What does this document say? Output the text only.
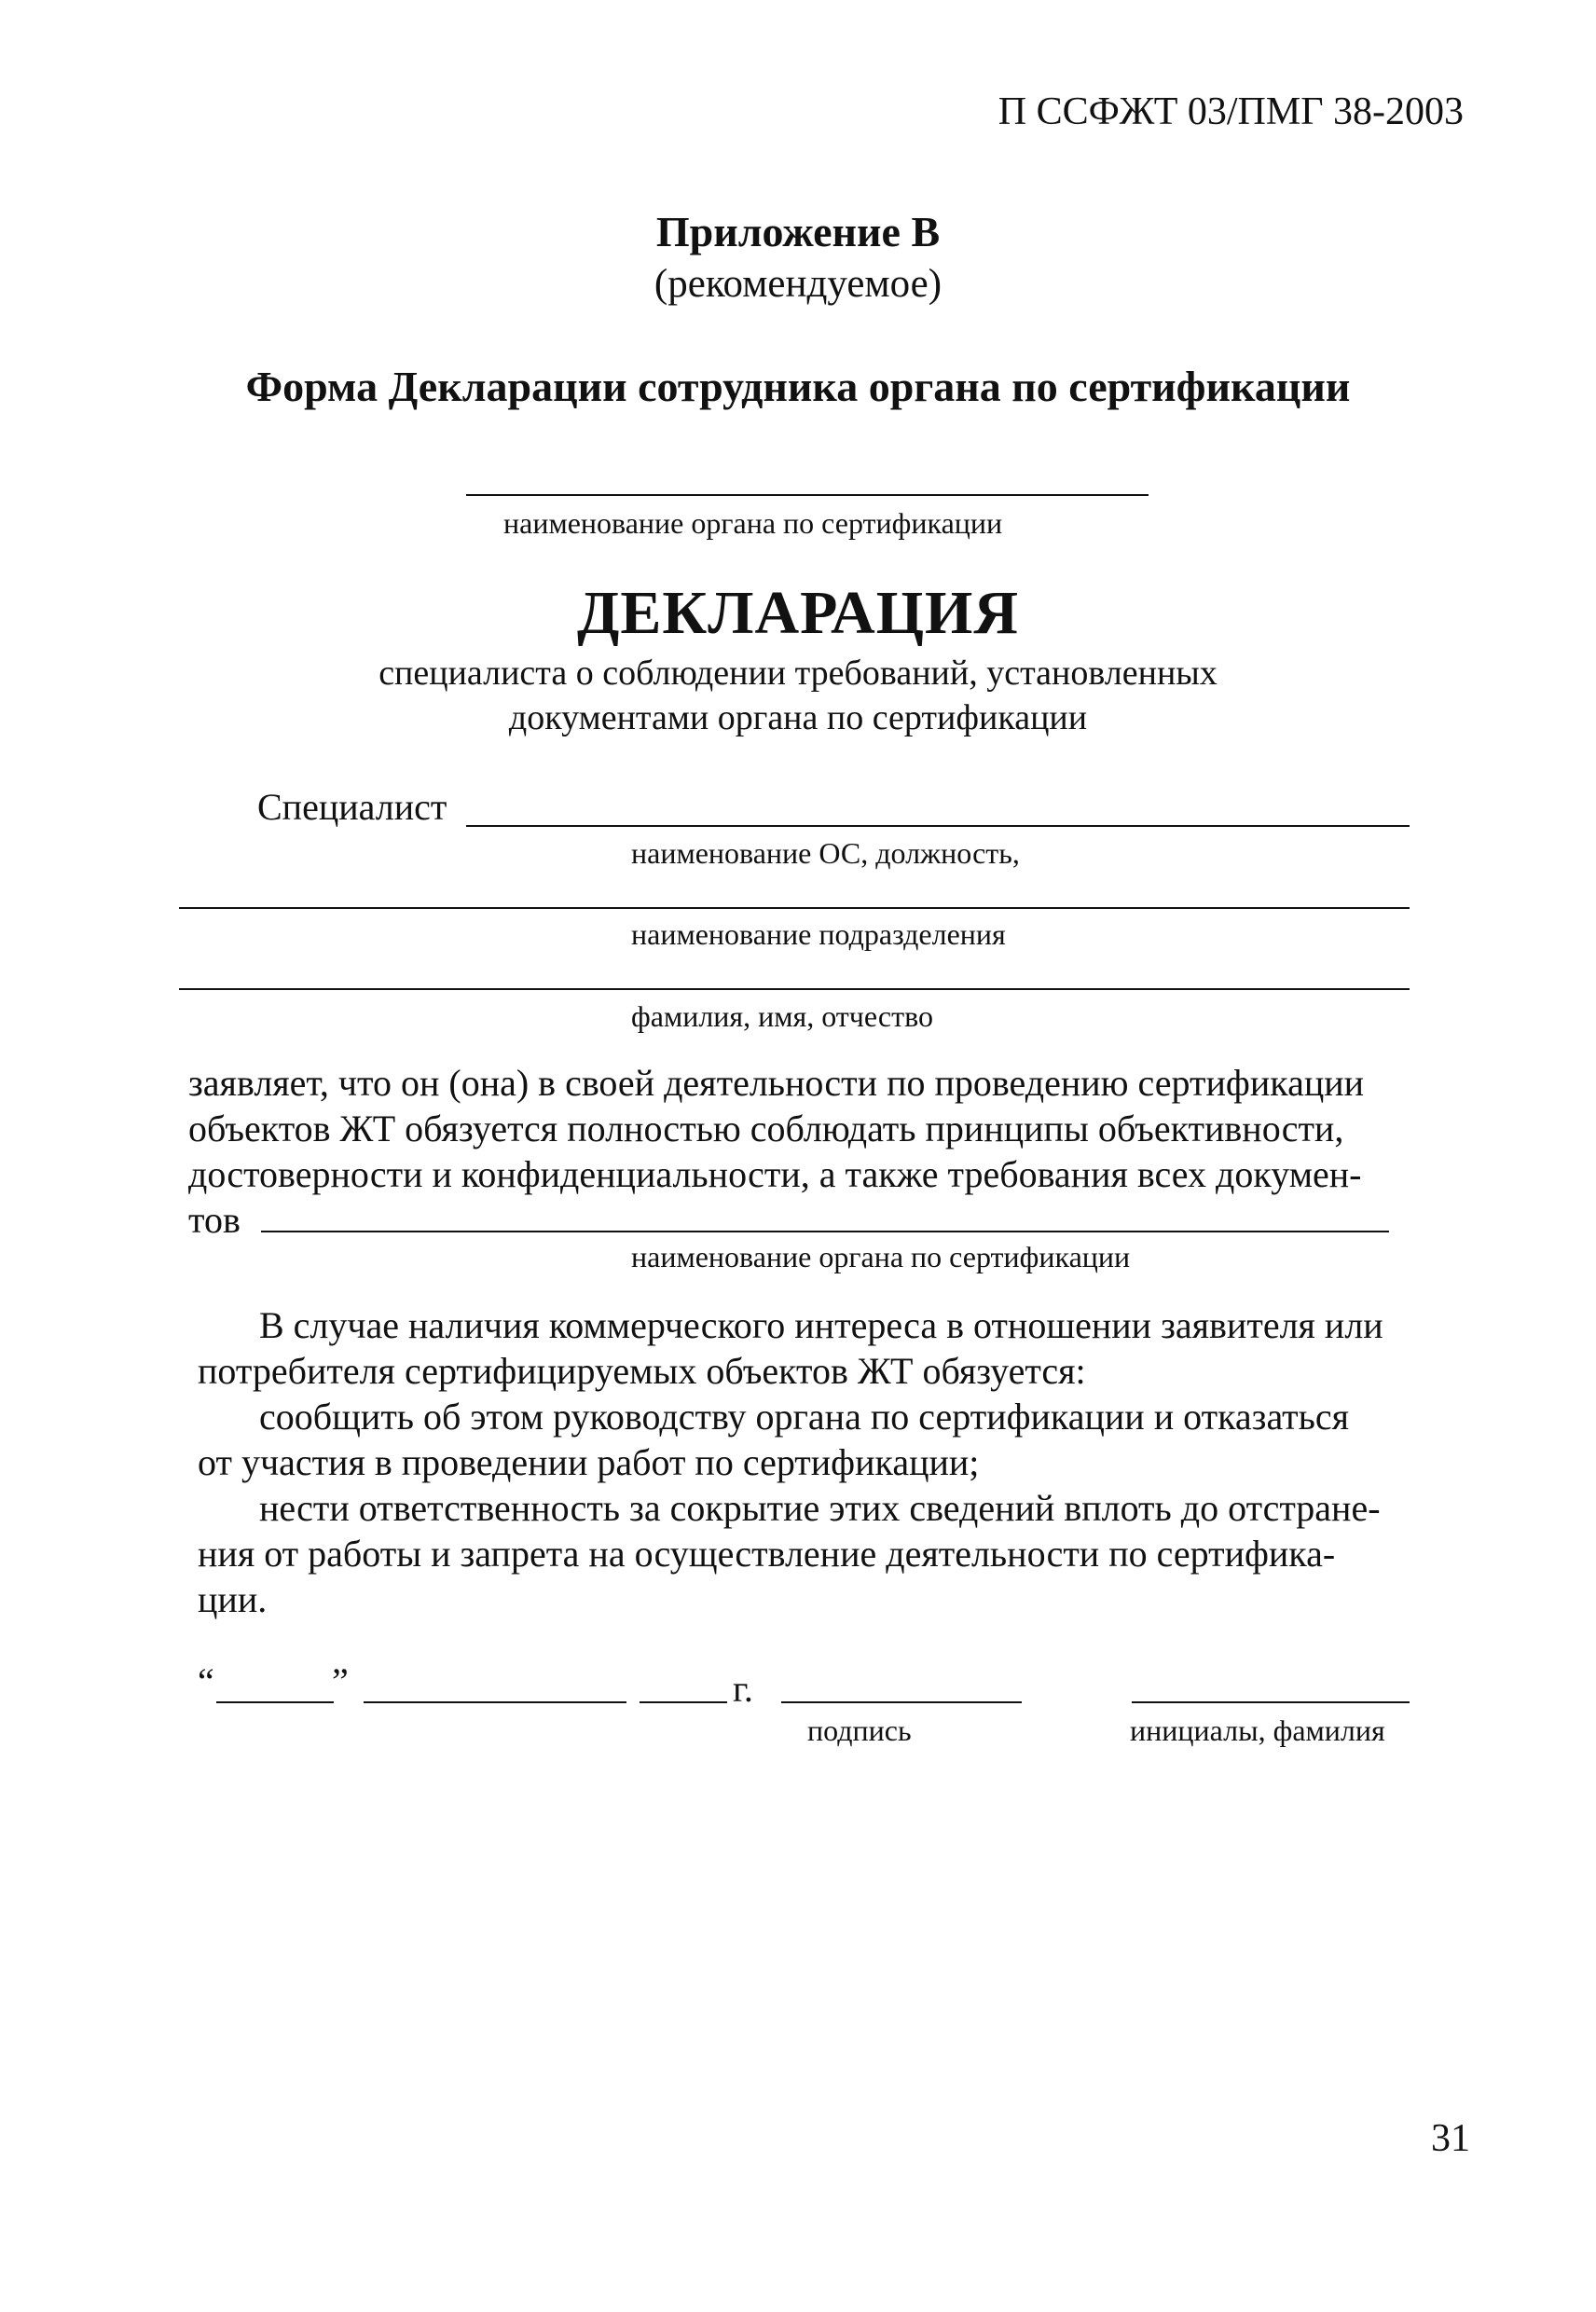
П ССФЖТ 03/ПМГ 38-2003
Приложение В
(рекомендуемое)
Форма Декларации сотрудника органа по сертификации
наименование органа по сертификации
ДЕКЛАРАЦИЯ
специалиста о соблюдении требований, установленных
документами органа по сертификации
Специалист
наименование ОС, должность,
наименование подразделения
фамилия, имя, отчество
заявляет, что он (она) в своей деятельности по проведению сертификации
объектов ЖТ обязуется полностью соблюдать принципы объективности,
достоверности и конфиденциальности, а также требования всех докумен-
тов
наименование органа по сертификации
В случае наличия коммерческого интереса в отношении заявителя или
потребителя сертифицируемых объектов ЖТ обязуется:
сообщить об этом руководству органа по сертификации и отказаться
от участия в проведении работ по сертификации;
нести ответственность за сокрытие этих сведений вплоть до отстране-
ния от работы и запрета на осуществление деятельности по сертифика-
ции.
“	”	г.
подпись	инициалы, фамилия
31
